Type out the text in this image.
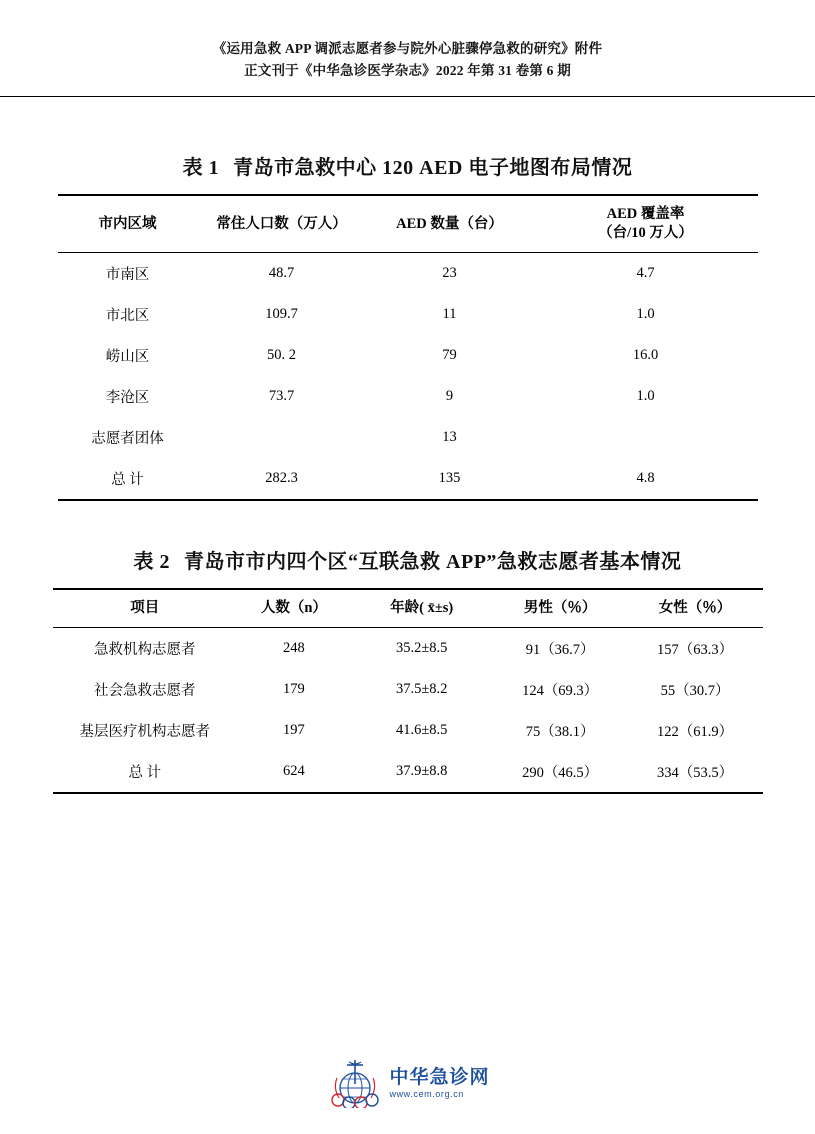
《运用急救 APP 调派志愿者参与院外心脏骤停急救的研究》附件
正文刊于《中华急诊医学杂志》2022 年第 31 卷第 6 期
表 1 青岛市急救中心 120 AED 电子地图布局情况
市内区域	常住人口数（万人）	AED 数量（台）	AED 覆盖率
（台/10 万人）

市南区	48.7	23	4.7
市北区	109.7	11	1.0
崂山区	50. 2	79	16.0
李沧区	73.7	9	1.0
志愿者团体		13	
总 计	282.3	135	4.8
表 2 青岛市市内四个区“互联急救 APP”急救志愿者基本情况
项目	人数（n）	年龄( x̄±s)	男性（％）	女性（％）
急救机构志愿者	248	35.2±8.5	91（36.7）	157（63.3）
社会急救志愿者	179	37.5±8.2	124（69.3）	55（30.7）
基层医疗机构志愿者	197	41.6±8.5	75（38.1）	122（61.9）
总 计	624	37.9±8.8	290（46.5）	334（53.5）
中华急诊网
www.cem.org.cn
